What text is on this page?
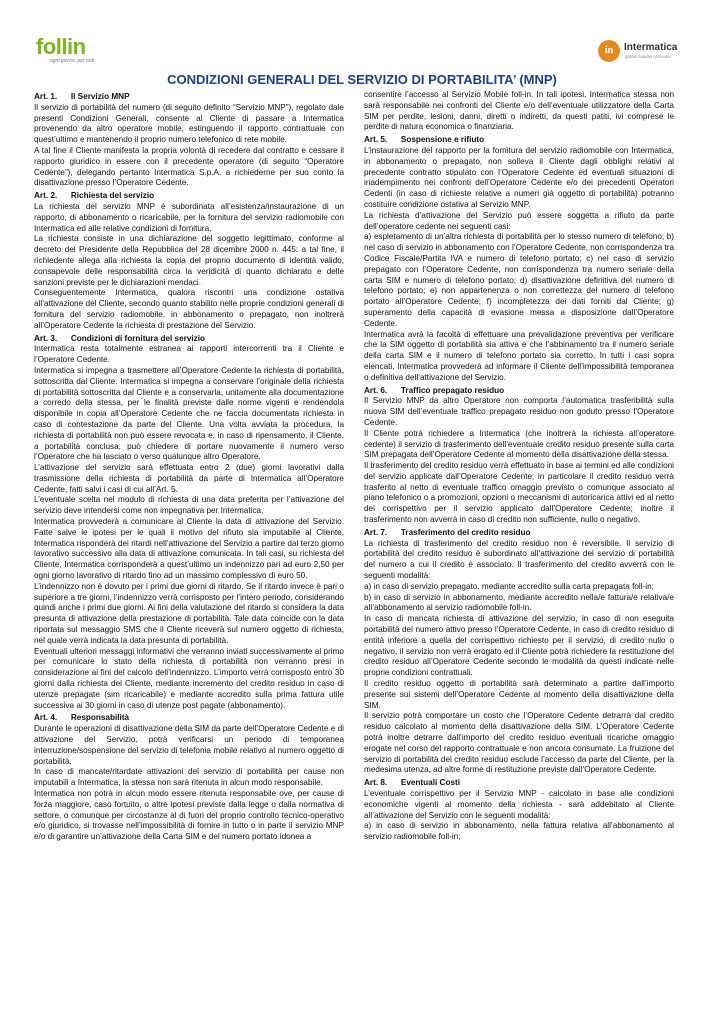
follin
ogni giorno, per tutti
in	Intermatica
global solution provider
CONDIZIONI GENERALI DEL SERVIZIO DI PORTABILITA’ (MNP)
Art. 1.      Il Servizio MNP
Il servizio di portabilità del numero (di seguito definito “Servizio MNP”), regolato dale presenti Condizioni Generali, consente al Cliente di passare a Intermatica provenendo da altro operatore mobile, estinguendo il rapporto contrattuale con quest’ultimo e mantenendo il proprio numero telefonico di rete mobile.
A tal fine il Cliente manifesta la propria volontà di recedere dal contratto e cessare il rapporto giuridico in essere con il precedente operatore (di seguito “Operatore Cedente”), delegando pertanto Intermatica S.p.A. a richiederne per suo conto la disattivazione presso l’Operatore Cedente.
Art. 2.      Richiesta del servizio
La richiesta del servizio MNP è subordinata all’esistenza/instaurazione di un rapporto, di abbonamento o ricaricabile, per la fornitura del servizio radiomobile con Intermatica ed alle relative condizioni di fornitura.
La richiesta consiste in una dichiarazione del soggetto legittimato, conforme al decreto del Presidente della Repubblica del 28 dicembre 2000 n. 445: a tal fine, il richiedente allega alla richiesta la copia del proprio documento di identità valido, consapevole delle responsabilità circa la veridicità di quanto dichiarato e delle sanzioni previste per le dichiarazioni mendaci.
Conseguentemente Intermatica, qualora riscontri una condizione ostativa all’attivazione del Cliente, secondo quanto stabilito nelle proprie condizioni generali di fornitura del servizio radiomobile, in abbonamento o prepagato, non inoltrerà all’Operatore Cedente la richiesta di prestazione del Servizio.
Art. 3.      Condizioni di fornitura del servizio
Intermatica resta totalmente estranea ai rapporti intercorrenti tra il Cliente e l’Operatore Cedente.
Intermatica si impegna a trasmettere all’Operatore Cedente la richiesta di portabilità, sottoscritta dal Cliente. Intermatica si impegna a conservare l’originale della richiesta di portabilità sottoscritta dal Cliente e a conservarla, unitamente alla documentazione a corredo della stessa, per le finalità previste dalle norme vigenti e rendendola disponibile in copia all’Operatore Cedente che ne faccia documentata richiesta in caso di contestazione da parte del Cliente. Una volta avviata la procedura, la richiesta di portabilità non può essere revocata e, in caso di ripensamento, il Cliente, a portabilità conclusa, può chiedere di portare nuovamente il numero verso l’Operatore che ha lasciato o verso qualunque altro Operatore.
L’attivazione del servizio sarà effettuata entro 2 (due) giorni lavorativi dalla trasmissione della richiesta di portabilità da parte di Intermatica all’Operatore Cedente, fatti salvi i casi di cui all’Art. 5.
L’eventuale scelta nel modulo di richiesta di una data preferita per l’attivazione del servizio deve intendersi come non impegnativa per Intermatica.
Intermatica provvederà a comunicare al Cliente la data di attivazione del Servizio. Fatte salve le ipotesi per le quali il motivo del rifiuto sia imputabile al Cliente, Intermatica risponderà dei ritardi nell’attivazione del Servizio a partire dal terzo giorno lavorativo successivo alla data di attivazione comunicata. In tali casi, su richiesta del Cliente, Intermatica corrisponderà a quest’ultimo un indennizzo pari ad euro 2,50 per ogni giorno lavorativo di ritardo fino ad un massimo complessivo di euro 50.
L’indennizzo non è dovuto per i primi due giorni di ritardo. Se il ritardo invece è pari o superiore a tre giorni, l’indennizzo verrà corrisposto per l’intero periodo, considerando quindi anche i primi due giorni. Ai fini della valutazione del ritardo si considera la data presunta di attivazione della prestazione di portabilità. Tale data coincide con la data riportata sul messaggio SMS che il Cliente riceverà sul numero oggetto di richiesta, nel quale verrà indicata la data presunta di portabilità.
Eventuali ulteriori messaggi informativi che verranno inviati successivamente al primo per comunicare lo stato della richiesta di portabilità non verranno presi in considerazione ai fini del calcolo dell’indennizzo. L’importo verrà corrisposto entro 30 giorni dalla richiesta del Cliente, mediante incremento del credito residuo in caso di utenze prepagate (sim ricaricabile) e mediante accredito sulla prima fattura utile successiva ai 30 giorni in caso di utenze post pagate (abbonamento).
Art. 4.      Responsabilità
Durante le operazioni di disattivazione della SIM da parte dell’Operatore Cedente e di attivazione del Servizio, potrà verificarsi un periodo di temporanea interruzione/sospensione del servizio di telefonia mobile relativo al numero oggetto di portabilità.
In caso di mancate/ritardate attivazioni del servizio di portabilità per cause non imputabili a Intermatica, la stessa non sarà ritenuta in alcun modo responsabile.
Intermatica non potrà in alcun modo essere ritenuta responsabile ove, per cause di forza maggiore, caso fortuito, o altre ipotesi previste dalla legge o dalla normativa di settore, o comunque per circostanze al di fuori del proprio controllo tecnico-operativo e/o giuridico, si trovasse nell’impossibilità di fornire in tutto o in parte il servizio MNP e/o di garantire un’attivazione della Carta SIM e del numero portato idonea a
consentire l’accesso al Servizio Mobile foll-in. In tali ipotesi, Intermatica stessa non sarà responsabile nei confronti del Cliente e/o dell’eventuale utilizzatore della Carta SIM per perdite, lesioni, danni, diretti o indiretti, da questi patiti, ivi comprese le perdite di natura economica o finanziaria.
Art. 5.      Sospensione e rifiuto
L’instaurazione del rapporto per la fornitura del servizio radiomobile con Intermatica, in abbonamento o prepagato, non solleva il Cliente dagli obblighi relativi al precedente contratto stipulato con l’Operatore Cedente ed eventuali situazioni di inadempimento nei confronti dell’Operatore Cedente e/o dei precedenti Operatori Cedenti (in caso di richieste relative a numeri già oggetto di portabilità) potranno costituire condizione ostativa al Servizio MNP.
La richiesta d’attivazione del Servizio può essere soggetta a rifiuto da parte dell’operatore cedente nei seguenti casi:
a) espletamento di un’altra richiesta di portabilità per lo stesso numero di telefono; b) nel caso di servizio in abbonamento con l’Operatore Cedente, non corrispondenza tra Codice Fiscale/Partita IVA e numero di telefono portato; c) nel caso di servizio prepagato con l’Operatore Cedente, non corrispondenza tra numero seriale della carta SIM e numero di telefono portato; d) disattivazione definitiva del numero di telefono portato; e) non appartenenza o non correttezza del numero di telefono portato all’Operatore Cedente; f) incompletezza dei dati forniti dal Cliente; g) superamento della capacità di evasione messa a disposizione dall’Operatore Cedente.
Intermatica avrà la facoltà di effettuare una prevalidazione preventiva per verificare che la SIM oggetto di portabilità sia attiva e che l’abbinamento tra il numero seriale della carta SIM e il numero di telefono portato sia corretto. In tutti i casi sopra elencati, Intermatica provvederà ad informare il Cliente dell’impossibilità temporanea o definitiva dell’attivazione del Servizio.
Art. 6.      Traffico prepagato residuo
Il Servizio MNP da altro Operatore non comporta l’automatica trasferibilità sulla nuova SIM dell’eventuale traffico prepagato residuo non goduto presso l’Operatore Cedente.
Il Cliente potrà richiedere a Intermatica (che inoltrerà la richiesta all’operatore cedente) il servizio di trasferimento dell’eventuale credito residuo presente sulla carta SIM prepagata dell’Operatore Cedente al momento della disattivazione della stessa.
Il trasferimento del credito residuo verrà effettuato in base ai termini ed alle condizioni del servizio applicate dall’Operatore Cedente; in particolare il credito residuo verrà trasferito al netto di eventuale traffico omaggio previsto o comunque associato al piano telefonico o a promozioni, opzioni o meccanismi di autoricarica attivi ed al netto dei corrispettivo per il servizio applicato dall’Operatore Cedente; inoltre il trasferimento non avverrà in caso di credito non sufficiente, nullo o negativo.
Art. 7.      Trasferimento del credito residuo
La richiesta di trasferimento del credito residuo non è reversibile. Il servizio di portabilità del credito residuo è subordinato all’attivazione del servizio di portabilità del numero a cui il credito è associato. Il trasferimento del credito avverrà con le seguenti modalità:
a) in caso di servizio prepagato, mediante accredito sulla carta prepagata foll-in;
b) in caso di servizio in abbonamento, mediante accredito nella/e fattura/e relativa/e all’abbonamento al servizio radiomobile foll-in.
In caso di mancata richiesta di attivazione del servizio, in caso di non eseguita portabilità del numero attivo presso l’Operatore Cedente, in caso di credito residuo di entità inferiore a quella del corrispettivo richiesto per il servizio, di credito nullo o negativo, il servizio non verrà erogato ed il Cliente potrà richiedere la restituzione del credito residuo all’Operatore Cedente secondo le modalità da questi indicate nelle proprie condizioni contrattuali.
Il credito residuo oggetto di portabilità sarà determinato a partire dall’importo presente sui sistemi dell’Operatore Cedente al momento della disattivazione della SIM.
Il servizio potrà comportare un costo che l’Operatore Cedente detrarrà dal credito residuo calcolato al momento della disattivazione della SIM. L’Operatore Cedente potrà inoltre detrarre dall’importo del credito residuo eventuali ricariche omaggio erogate nel corso del rapporto contrattuale e non ancora consumate. La fruizione del servizio di portabilità del credito residuo esclude l’accesso da parte del Cliente, per la medesima utenza, ad altre forme di restituzione previste dall’Operatore Cedente.
Art. 8.      Eventuali Costi
L’eventuale corrispettivo per il Servizio MNP - calcolato in base alle condizioni economiche vigenti al momento della richiesta - sarà addebitato al Cliente all’attivazione del Servizio con le seguenti modalità:
a) in caso di servizio in abbonamento, nella fattura relativa all’abbonamento al servizio radiomobile foll-in;
